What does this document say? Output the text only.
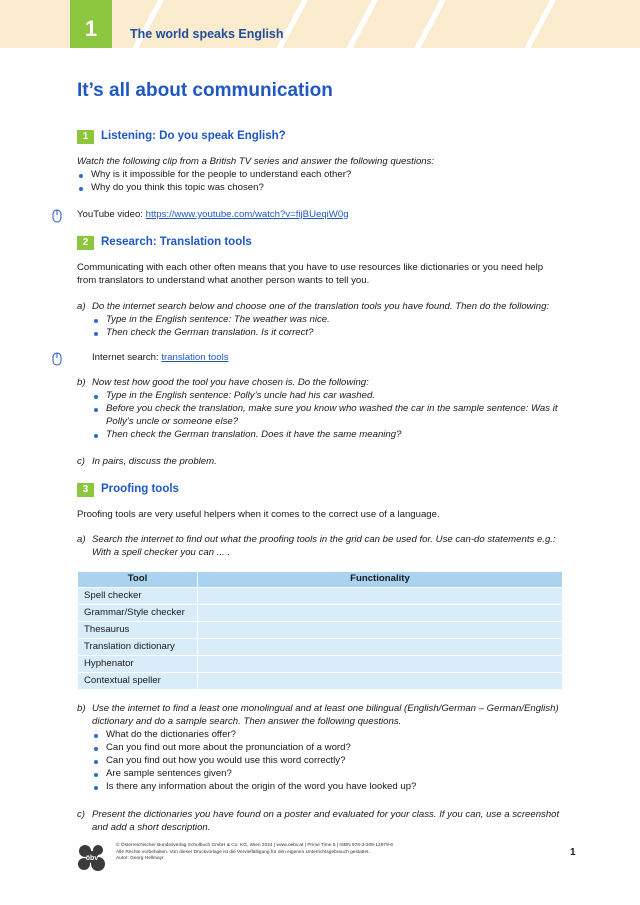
1	The world speaks English
It’s all about communication
1	Listening: Do you speak English?
Watch the following clip from a British TV series and answer the following questions:
Why is it impossible for the people to understand each other?
Why do you think this topic was chosen?
YouTube video: https://www.youtube.com/watch?v=fijBUeqiW0g
2	Research: Translation tools
Communicating with each other often means that you have to use resources like dictionaries or you need help from translators to understand what another person wants to tell you.
a) Do the internet search below and choose one of the translation tools you have found. Then do the following:
Type in the English sentence: The weather was nice.
Then check the German translation. Is it correct?
Internet search: translation tools
b) Now test how good the tool you have chosen is. Do the following:
Type in the English sentence: Polly’s uncle had his car washed.
Before you check the translation, make sure you know who washed the car in the sample sentence: Was it Polly’s uncle or someone else?
Then check the German translation. Does it have the same meaning?
c) In pairs, discuss the problem.
3	Proofing tools
Proofing tools are very useful helpers when it comes to the correct use of a language.
a) Search the internet to find out what the proofing tools in the grid can be used for. Use can-do statements e.g.: With a spell checker you can ... .
Tool	Functionality
Spell checker	
Grammar/Style checker	
Thesaurus	
Translation dictionary	
Hyphenator	
Contextual speller	
b) Use the internet to find a least one monolingual and at least one bilingual (English/German – German/English) dictionary and do a sample search. Then answer the following questions.
What do the dictionaries offer?
Can you find out more about the pronunciation of a word?
Can you find out how you would use this word correctly?
Are sample sentences given?
Is there any information about the origin of the word you have looked up?
c) Present the dictionaries you have found on a poster and evaluated for your class. If you can, use a screenshot and add a short description.
öbv
© Österreichischer Bundesverlag Schulbuch GmbH & Co. KG, Wien 2024 | www.oebv.at | Prime Time 5 | ISBN 978-3-209-12979-6
Alle Rechte vorbehalten. Von dieser Druckvorlage ist die Vervielfältigung für den eigenen Unterrichtsgebrauch gestattet.
Autor: Georg Hellmayr
1
